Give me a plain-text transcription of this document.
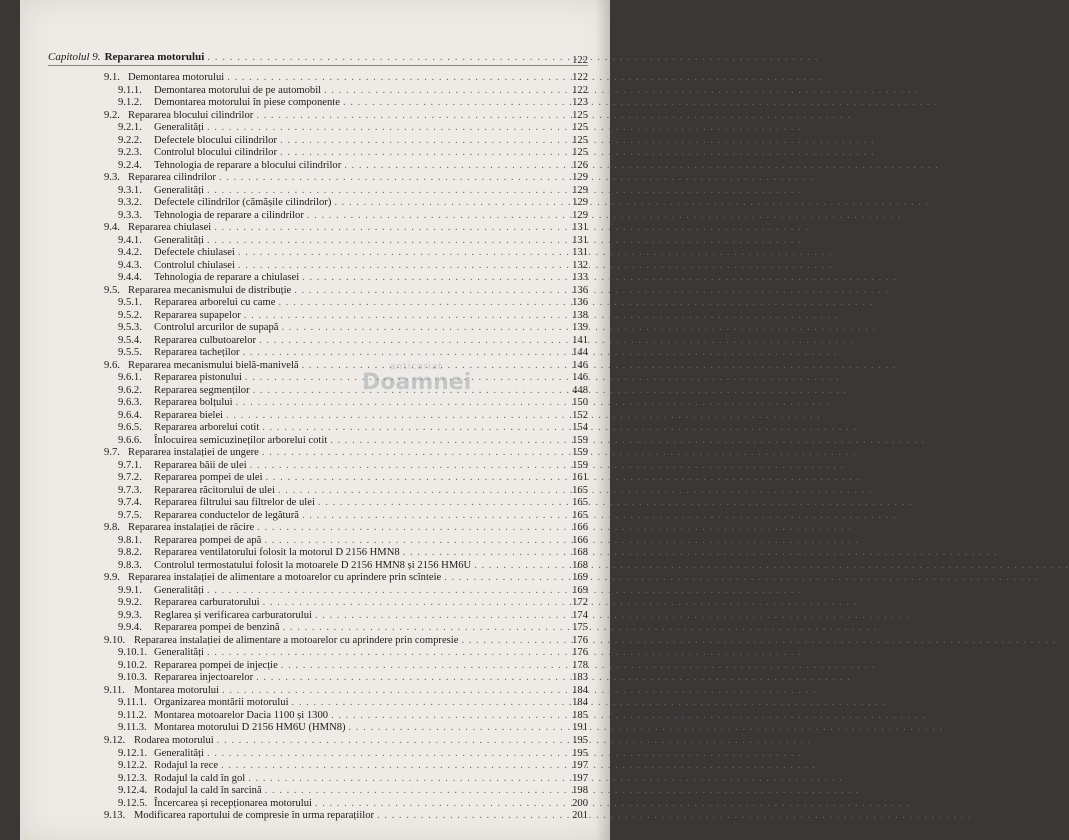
Capitolul 9. Repararea motorului . . .	122
9.1. Demontarea motorului . . .	122
9.1.1.	Demontarea motorului de pe automobil . . .	122
9.1.2.	Demontarea motorului în piese componente . . .	123
9.2. Repararea blocului cilindrilor . . .	125
9.2.1.	Generalități . . .	125
9.2.2.	Defectele blocului cilindrilor . . .	125
9.2.3.	Controlul blocului cilindrilor . . .	125
9.2.4.	Tehnologia de reparare a blocului cilindrilor . . .	126
9.3. Repararea cilindrilor . . .	129
9.3.1.	Generalități . . .	129
9.3.2.	Defectele cilindrilor (cămășile cilindrilor) . . .	129
9.3.3.	Tehnologia de reparare a cilindrilor . . .	129
9.4. Repararea chiulasei . . .	131
9.4.1.	Generalități . . .	131
9.4.2.	Defectele chiulasei . . .	131
9.4.3.	Controlul chiulasei . . .	132
9.4.4.	Tehnologia de reparare a chiulasei . . .	133
9.5. Repararea mecanismului de distribuție . . .	136
9.5.1.	Repararea arborelui cu came . . .	136
9.5.2.	Repararea supapelor . . .	138
9.5.3.	Controlul arcurilor de supapă . . .	139
9.5.4.	Repararea culbutoarelor . . .	141
9.5.5.	Repararea tacheților . . .	144
9.6. Repararea mecanismului bielă-manivelă . . .	146
9.6.1.	Repararea pistonului . . .	146
9.6.2.	Repararea segmenților . . .	448
9.6.3.	Repararea bolțului . . .	150
9.6.4.	Repararea bielei . . .	152
9.6.5.	Repararea arborelui cotit . . .	154
9.6.6.	Înlocuirea semicuzineților arborelui cotit . . .	159
9.7. Repararea instalației de ungere . . .	159
9.7.1.	Repararea băii de ulei . . .	159
9.7.2.	Repararea pompei de ulei . . .	161
9.7.3.	Repararea răcitorului de ulei . . .	165
9.7.4.	Repararea filtrului sau filtrelor de ulei . . .	165
9.7.5.	Repararea conductelor de legătură . . .	165
9.8. Repararea instalației de răcire . . .	166
9.8.1.	Repararea pompei de apă . . .	166
9.8.2.	Repararea ventilatorului folosit la motorul D 2156 HMN8 . . .	168
9.8.3.	Controlul termostatului folosit la motoarele D 2156 HMN8 și 2156 HM6U . . .	168
9.9. Repararea instalației de alimentare a motoarelor cu aprindere prin scînteie . . .	169
9.9.1.	Generalități . . .	169
9.9.2.	Repararea carburatorului . . .	172
9.9.3.	Reglarea și verificarea carburatorului . . .	174
9.9.4.	Repararea pompei de benzină . . .	175
9.10. Repararea instalației de alimentare a motoarelor cu aprindere prin compresie . . .	176
9.10.1. Generalități . . .	176
9.10.2. Repararea pompei de injecție . . .	178
9.10.3. Repararea injectoarelor . . .	183
9.11. Montarea motorului . . .	184
9.11.1. Organizarea montării motorului . . .	184
9.11.2. Montarea motoarelor Dacia 1100 și 1300 . . .	185
9.11.3. Montarea motorului D 2156 HM6U (HMN8) . . .	191
9.12. Rodarea motorului . . .	195
9.12.1. Generalități . . .	195
9.12.2. Rodajul la rece . . .	197
9.12.3. Rodajul la cald în gol . . .	197
9.12.4. Rodajul la cald în sarcină . . .	198
9.12.5. Încercarea și recepționarea motorului . . .	200
9.13. Modificarea raportului de compresie în urma reparațiilor . . .	201
anticariat
Doamnei
